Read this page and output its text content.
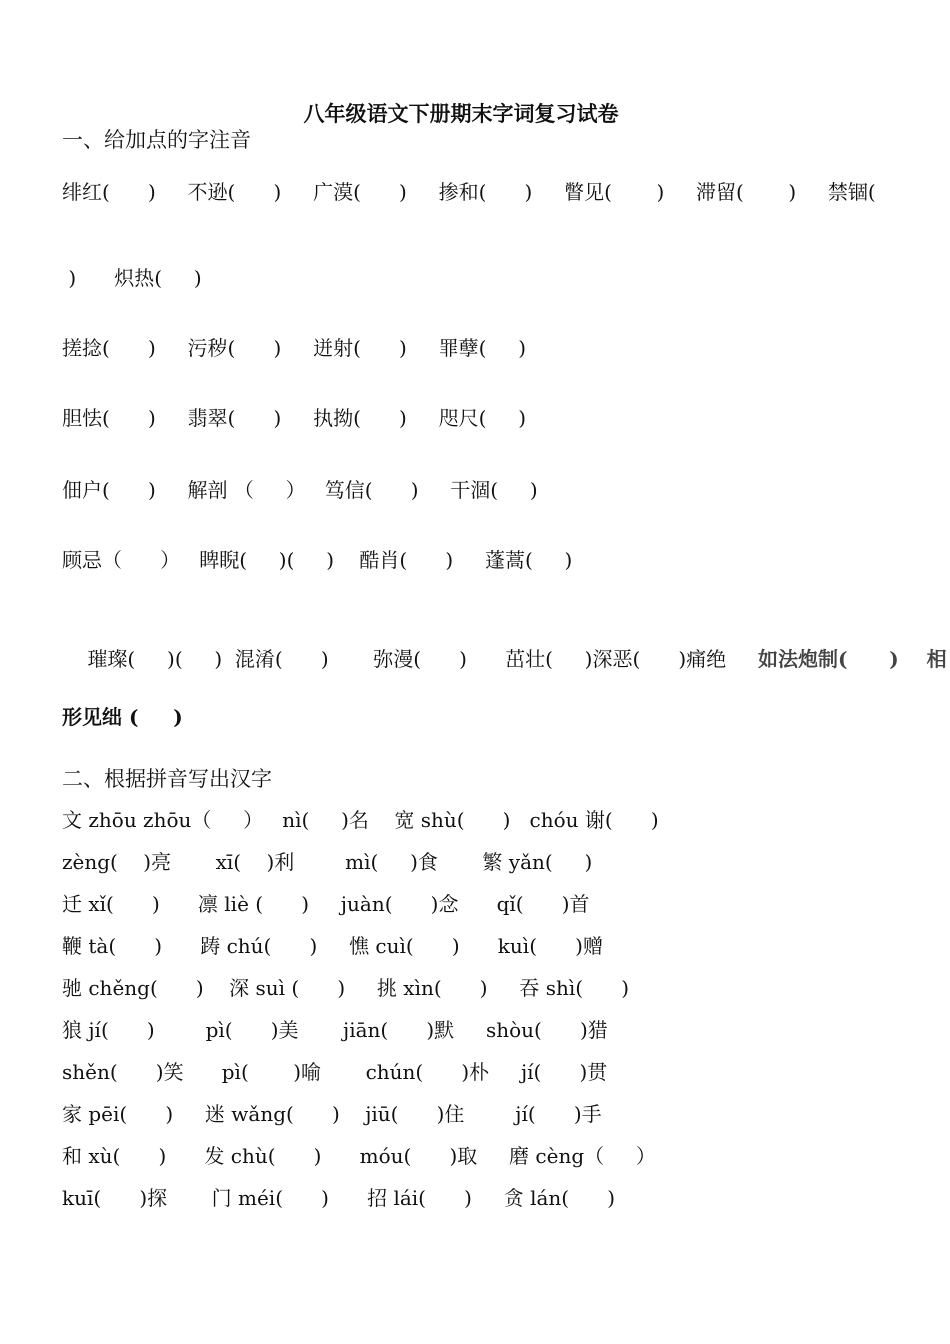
八年级语文下册期末字词复习试卷
一、给加点的字注音
绯红(      )     不逊(      )     广漠(      )     掺和(      )     瞥见(       )     滞留(       )     禁锢(
)      炽热(     )
搓捻(      )     污秽(      )     迸射(      )     罪孽(     )
胆怯(      )     翡翠(      )     执拗(      )     咫尺(     )
佃户(      )     解剖 （     ）   笃信(      )     干涸(     )
顾忌（      ）   睥睨(     )(     )    酷肖(      )     蓬蒿(     )

璀璨(     )(     )  混淆(      )       弥漫(      )      茁壮(     )深恶(      )痛绝     如法炮制(      )    相

形见绌 (     )
二、根据拼音写出汉字
文 zhōu zhōu（     ）   nì(     )名    宽 shù(      )   chóu 谢(      )
zèng(    )亮       xī(    )利        mì(     )食       繁 yǎn(     )
迁 xǐ(      )      凛 liè (      )     juàn(      )念      qǐ(      )首
鞭 tà(      )      踌 chú(      )     憔 cuì(      )      kuì(      )赠
驰 chěng(      )    深 suì (      )     挑 xìn(      )     吞 shì(      )
狼 jí(      )        pì(      )美       jiān(      )默     shòu(      )猎
shěn(      )笑      pì(       )喻       chún(      )朴     jí(      )贯
家 pēi(      )     迷 wǎng(      )    jiū(      )住        jí(      )手
和 xù(      )      发 chù(      )      móu(      )取     磨 cèng（     ）
kuī(      )探       门 méi(      )      招 lái(      )     贪 lán(      )
